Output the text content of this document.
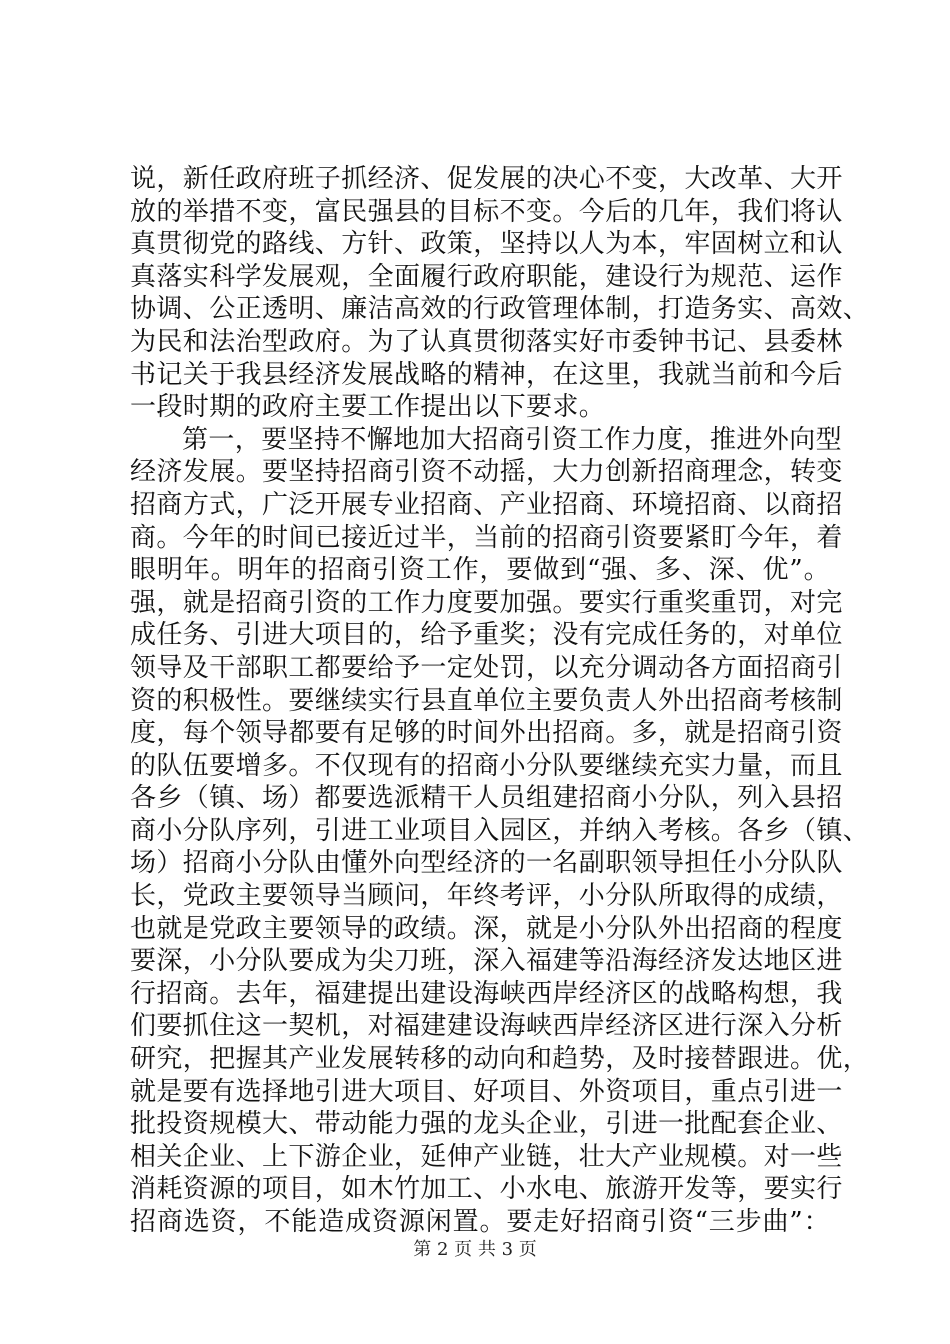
说，新任政府班子抓经济、促发展的决心不变，大改革、大开
放的举措不变，富民强县的目标不变。今后的几年，我们将认
真贯彻党的路线、方针、政策，坚持以人为本，牢固树立和认
真落实科学发展观，全面履行政府职能，建设行为规范、运作
协调、公正透明、廉洁高效的行政管理体制，打造务实、高效、
为民和法治型政府。为了认真贯彻落实好市委钟书记、县委林
书记关于我县经济发展战略的精神，在这里，我就当前和今后
一段时期的政府主要工作提出以下要求。
第一，要坚持不懈地加大招商引资工作力度，推进外向型
经济发展。要坚持招商引资不动摇，大力创新招商理念，转变
招商方式，广泛开展专业招商、产业招商、环境招商、以商招
商。今年的时间已接近过半，当前的招商引资要紧盯今年，着
眼明年。明年的招商引资工作，要做到“强、多、深、优”。
强，就是招商引资的工作力度要加强。要实行重奖重罚，对完
成任务、引进大项目的，给予重奖；没有完成任务的，对单位
领导及干部职工都要给予一定处罚，以充分调动各方面招商引
资的积极性。要继续实行县直单位主要负责人外出招商考核制
度，每个领导都要有足够的时间外出招商。多，就是招商引资
的队伍要增多。不仅现有的招商小分队要继续充实力量，而且
各乡（镇、场）都要选派精干人员组建招商小分队，列入县招
商小分队序列，引进工业项目入园区，并纳入考核。各乡（镇、
场）招商小分队由懂外向型经济的一名副职领导担任小分队队
长，党政主要领导当顾问，年终考评，小分队所取得的成绩，
也就是党政主要领导的政绩。深，就是小分队外出招商的程度
要深，小分队要成为尖刀班，深入福建等沿海经济发达地区进
行招商。去年，福建提出建设海峡西岸经济区的战略构想，我
们要抓住这一契机，对福建建设海峡西岸经济区进行深入分析
研究，把握其产业发展转移的动向和趋势，及时接替跟进。优，
就是要有选择地引进大项目、好项目、外资项目，重点引进一
批投资规模大、带动能力强的龙头企业，引进一批配套企业、
相关企业、上下游企业，延伸产业链，壮大产业规模。对一些
消耗资源的项目，如木竹加工、小水电、旅游开发等，要实行
招商选资，不能造成资源闲置。要走好招商引资“三步曲”：
第 2 页 共 3 页
